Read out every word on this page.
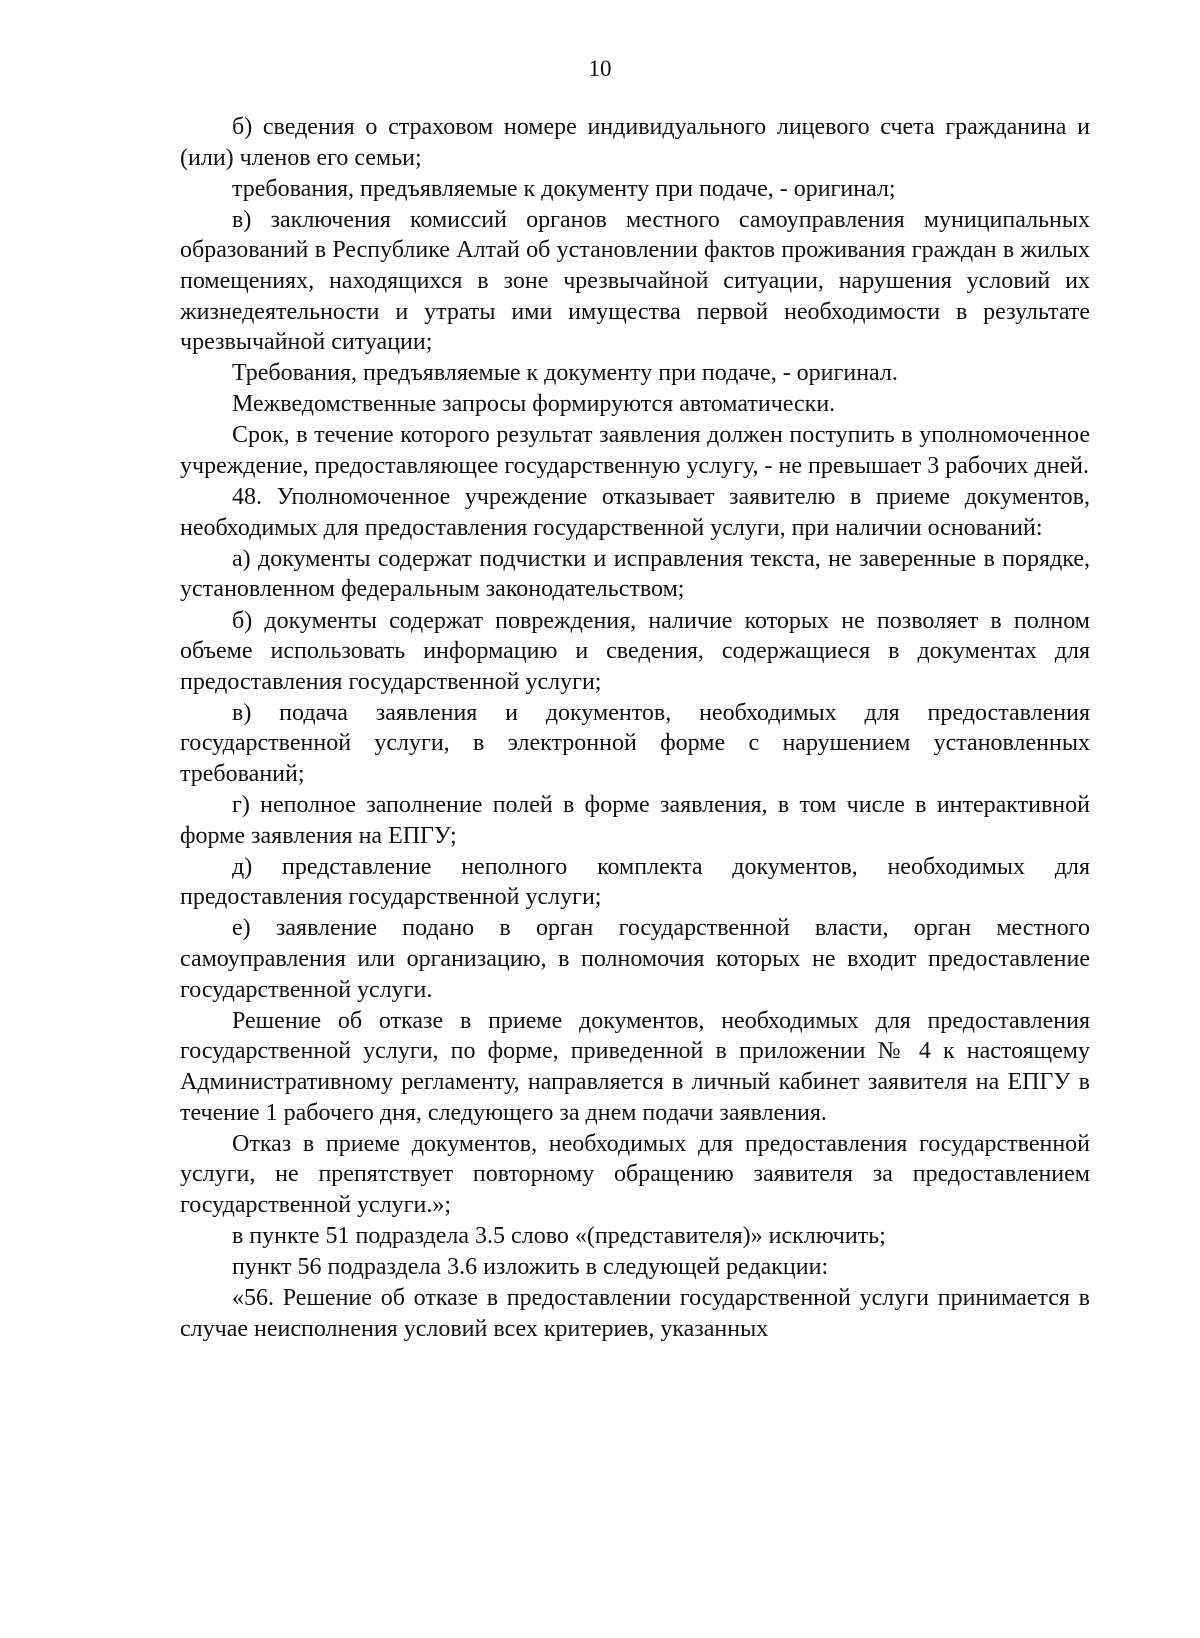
10

б) сведения о страховом номере индивидуального лицевого счета гражданина и (или) членов его семьи;

требования, предъявляемые к документу при подаче, - оригинал;

в) заключения комиссий органов местного самоуправления муниципальных образований в Республике Алтай об установлении фактов проживания граждан в жилых помещениях, находящихся в зоне чрезвычайной ситуации, нарушения условий их жизнедеятельности и утраты ими имущества первой необходимости в результате чрезвычайной ситуации;

Требования, предъявляемые к документу при подаче, - оригинал.

Межведомственные запросы формируются автоматически.

Срок, в течение которого результат заявления должен поступить в уполномоченное учреждение, предоставляющее государственную услугу, - не превышает 3 рабочих дней.

48. Уполномоченное учреждение отказывает заявителю в приеме документов, необходимых для предоставления государственной услуги, при наличии оснований:

а) документы содержат подчистки и исправления текста, не заверенные в порядке, установленном федеральным законодательством;

б) документы содержат повреждения, наличие которых не позволяет в полном объеме использовать информацию и сведения, содержащиеся в документах для предоставления государственной услуги;

в) подача заявления и документов, необходимых для предоставления государственной услуги, в электронной форме с нарушением установленных требований;

г) неполное заполнение полей в форме заявления, в том числе в интерактивной форме заявления на ЕПГУ;

д) представление неполного комплекта документов, необходимых для предоставления государственной услуги;

е) заявление подано в орган государственной власти, орган местного самоуправления или организацию, в полномочия которых не входит предоставление государственной услуги.

Решение об отказе в приеме документов, необходимых для предоставления государственной услуги, по форме, приведенной в приложении № 4 к настоящему Административному регламенту, направляется в личный кабинет заявителя на ЕПГУ в течение 1 рабочего дня, следующего за днем подачи заявления.

Отказ в приеме документов, необходимых для предоставления государственной услуги, не препятствует повторному обращению заявителя за предоставлением государственной услуги.»;

в пункте 51 подраздела 3.5 слово «(представителя)» исключить;

пункт 56 подраздела 3.6 изложить в следующей редакции:

«56. Решение об отказе в предоставлении государственной услуги принимается в случае неисполнения условий всех критериев, указанных
